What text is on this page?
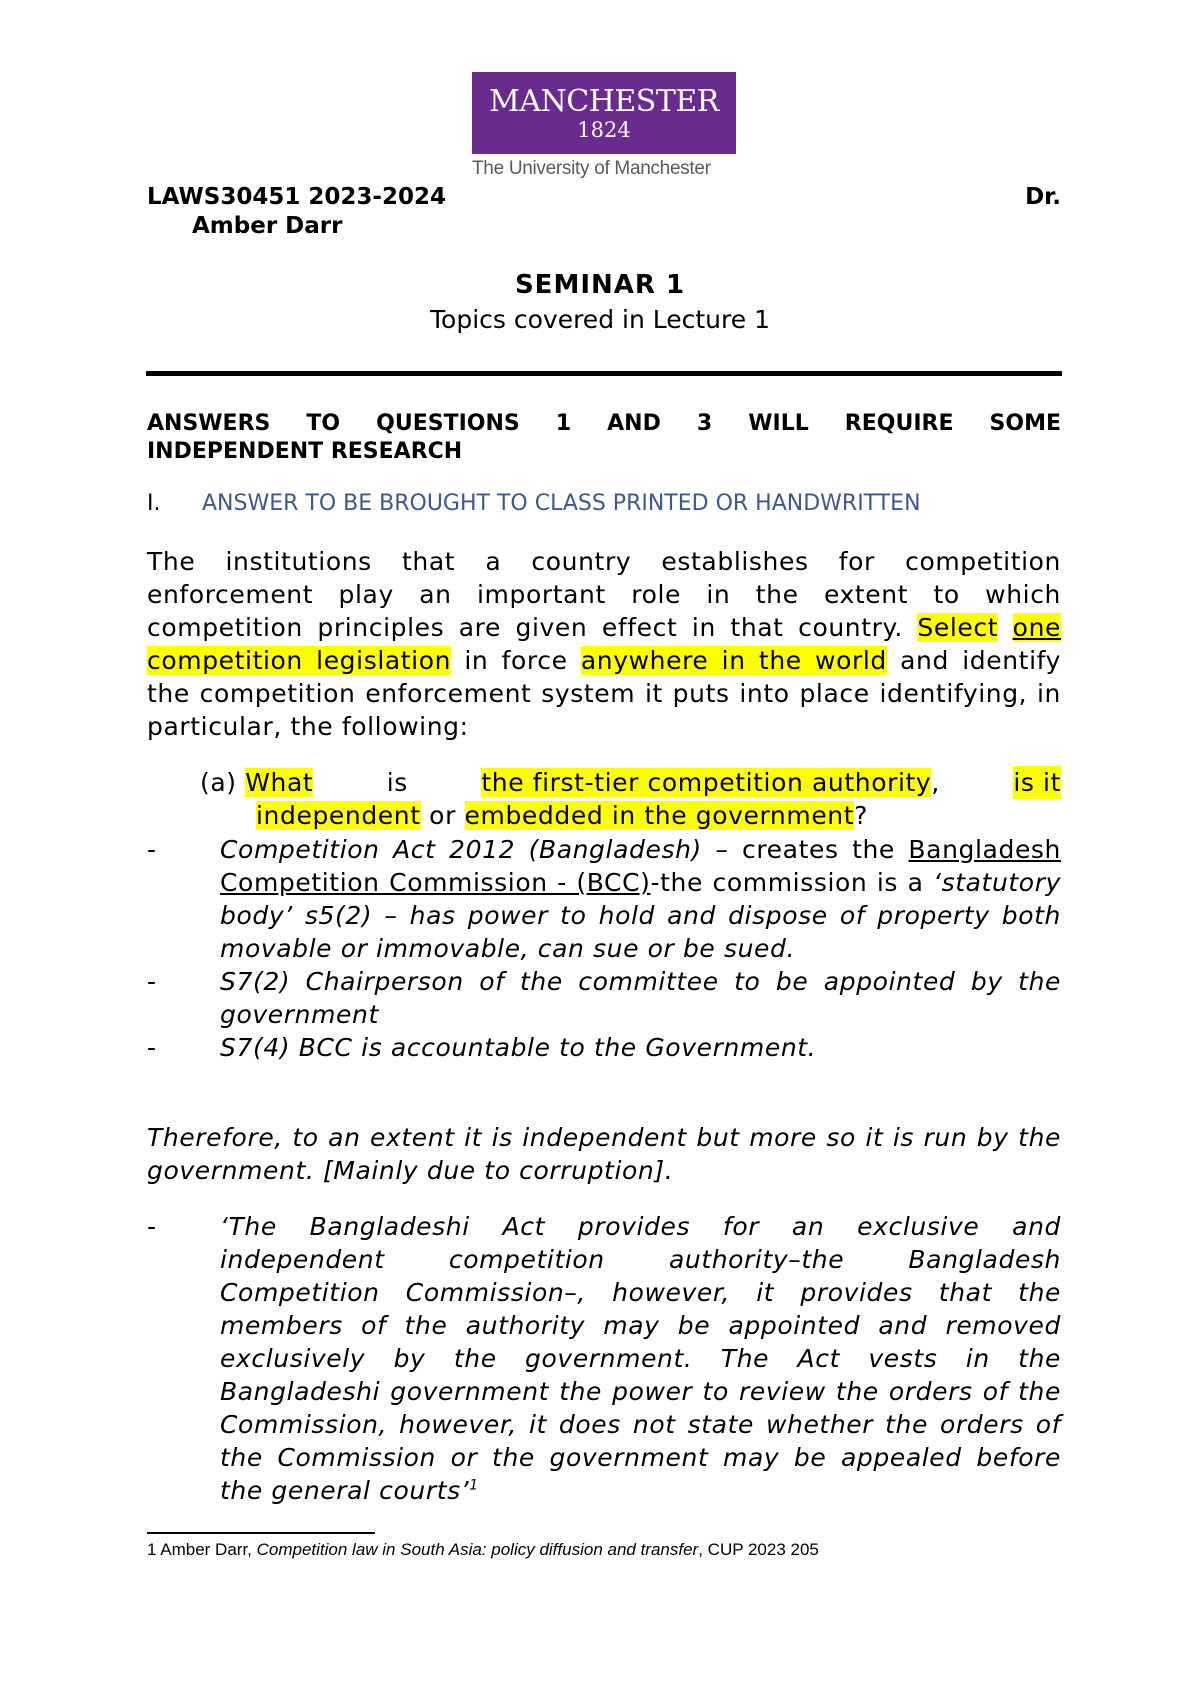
MANCHESTER
1824
The University of Manchester
LAWS30451 2023-2024	Dr.
Amber Darr
SEMINAR 1
Topics covered in Lecture 1
ANSWERS TO QUESTIONS 1 AND 3 WILL REQUIRE SOME
INDEPENDENT RESEARCH
I. ANSWER TO BE BROUGHT TO CLASS PRINTED OR HANDWRITTEN
The institutions that a country establishes for competition enforcement play an important role in the extent to which competition principles are given effect in that country. Select one competition legislation in force anywhere in the world and identify the competition enforcement system it puts into place identifying, in particular, the following:
(a) What	is	the first-tier competition authority,	is it
independent or embedded in the government?
-	Competition Act 2012 (Bangladesh) – creates the Bangladesh Competition Commission - (BCC)-the commission is a ‘statutory body’ s5(2) – has power to hold and dispose of property both movable or immovable, can sue or be sued.
-	S7(2) Chairperson of the committee to be appointed by the government
-	S7(4) BCC is accountable to the Government.
Therefore, to an extent it is independent but more so it is run by the government. [Mainly due to corruption].
-	‘The Bangladeshi Act provides for an exclusive and independent competition authority–the Bangladesh Competition Commission–, however, it provides that the members of the authority may be appointed and removed exclusively by the government. The Act vests in the Bangladeshi government the power to review the orders of the Commission, however, it does not state whether the orders of the Commission or the government may be appealed before the general courts’$^1$
1 Amber Darr, Competition law in South Asia: policy diffusion and transfer, CUP 2023 205
